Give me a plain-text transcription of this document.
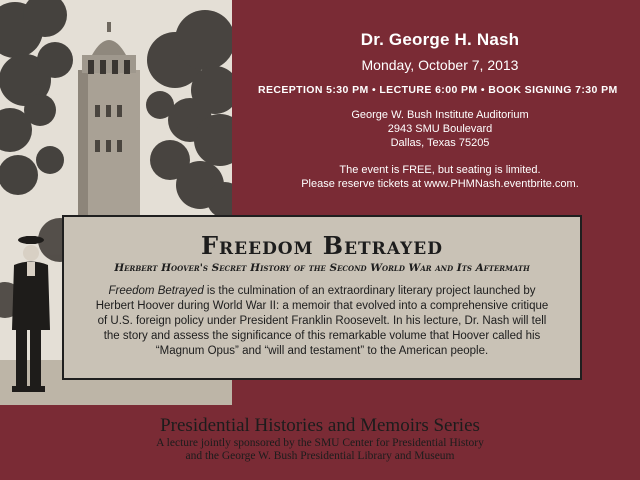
Dr. George H. Nash
Monday, October 7, 2013
RECEPTION 5:30 PM • LECTURE 6:00 PM • BOOK SIGNING 7:30 PM
George W. Bush Institute Auditorium
2943 SMU Boulevard
Dallas, Texas 75205
The event is FREE, but seating is limited.
Please reserve tickets at www.PHMNash.eventbrite.com.
Freedom Betrayed
Herbert Hoover's Secret History of the Second World War and Its Aftermath
Freedom Betrayed is the culmination of an extraordinary literary project launched by Herbert Hoover during World War II: a memoir that evolved into a comprehensive critique of U.S. foreign policy under President Franklin Roosevelt. In his lecture, Dr. Nash will tell the story and assess the significance of this remarkable volume that Hoover called his “Magnum Opus” and “will and testament” to the American people.
Presidential Histories and Memoirs Series
A lecture jointly sponsored by the SMU Center for Presidential History
and the George W. Bush Presidential Library and Museum
